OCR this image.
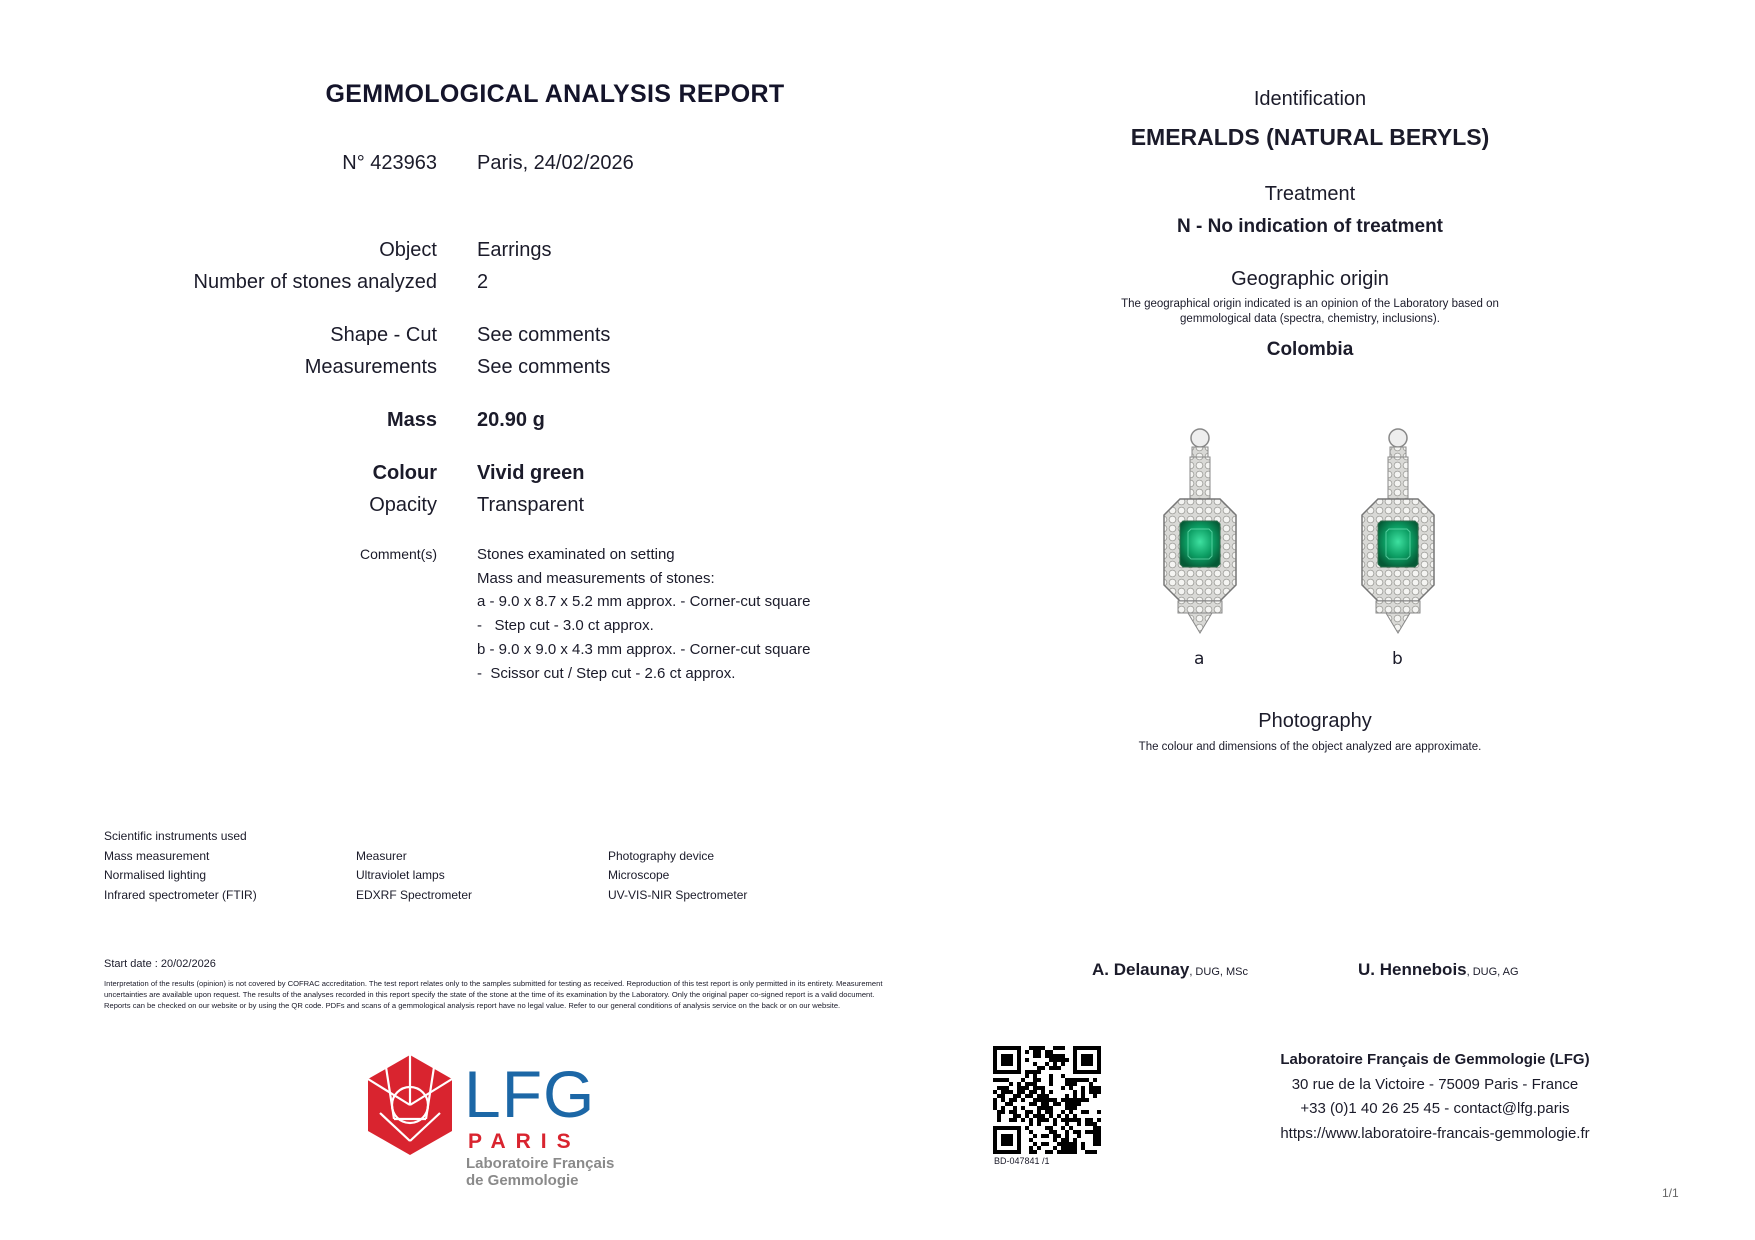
GEMMOLOGICAL ANALYSIS REPORT
N° 423963 Paris, 24/02/2026
Object Earrings
Number of stones analyzed 2
Shape - Cut See comments
Measurements See comments
Mass 20.90 g
Colour Vivid green
Opacity Transparent
Comment(s)	Stones examinated on setting
Mass and measurements of stones:
a - 9.0 x 8.7 x 5.2 mm approx. - Corner-cut square
-   Step cut - 3.0 ct approx.
b - 9.0 x 9.0 x 4.3 mm approx. - Corner-cut square
-  Scissor cut / Step cut - 2.6 ct approx.
Identification
EMERALDS (NATURAL BERYLS)
Treatment
N - No indication of treatment
Geographic origin
The geographical origin indicated is an opinion of the Laboratory based on gemmological data (spectra, chemistry, inclusions).
Colombia
a	b
Photography
The colour and dimensions of the object analyzed are approximate.
Scientific instruments used
Mass measurement	Measurer	Photography device
Normalised lighting	Ultraviolet lamps	Microscope
Infrared spectrometer (FTIR)	EDXRF Spectrometer	UV-VIS-NIR Spectrometer
Start date : 20/02/2026
Interpretation of the results (opinion) is not covered by COFRAC accreditation. The test report relates only to the samples submitted for testing as received. Reproduction of this test report is only permitted in its entirety. Measurement uncertainties are available upon request. The results of the analyses recorded in this report specify the state of the stone at the time of its examination by the Laboratory. Only the original paper co-signed report is a valid document. Reports can be checked on our website or by using the QR code. PDFs and scans of a gemmological analysis report have no legal value. Refer to our general conditions of analysis service on the back or on our website.
A. Delaunay, DUG, MSc	U. Hennebois, DUG, AG
LFG
PARIS
Laboratoire Français
de Gemmologie
BD-047841 /1
Laboratoire Français de Gemmologie (LFG)
30 rue de la Victoire - 75009 Paris - France
+33 (0)1 40 26 25 45 - contact@lfg.paris
https://www.laboratoire-francais-gemmologie.fr
1/1
